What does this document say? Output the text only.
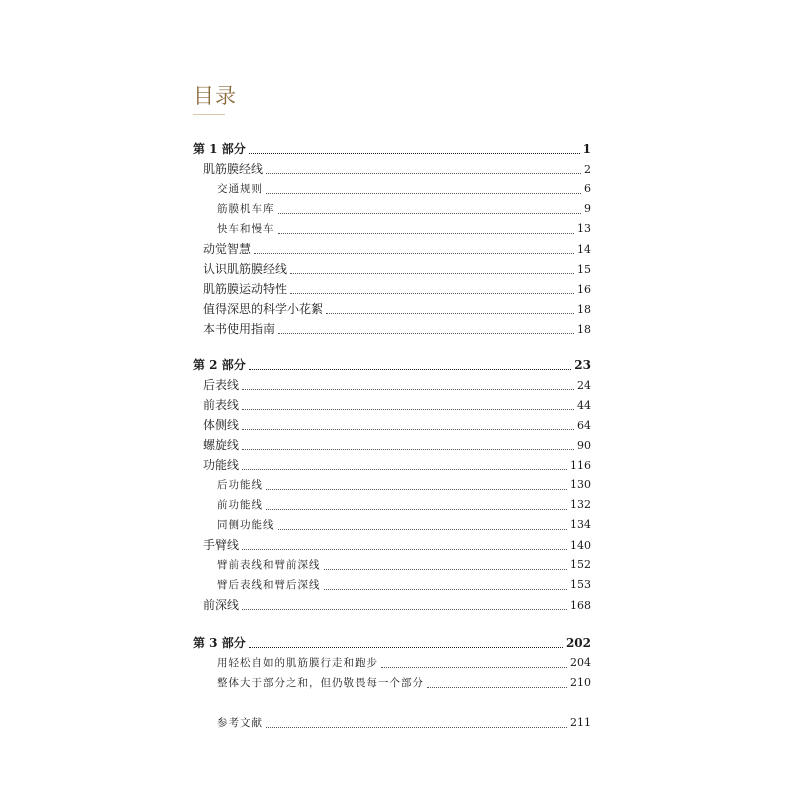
目录
第 1 部分	1
肌筋膜经线	2
交通规则	6
筋膜机车库	9
快车和慢车	13
动觉智慧	14
认识肌筋膜经线	15
肌筋膜运动特性	16
值得深思的科学小花絮	18
本书使用指南	18
第 2 部分	23
后表线	24
前表线	44
体侧线	64
螺旋线	90
功能线	116
后功能线	130
前功能线	132
同侧功能线	134
手臂线	140
臂前表线和臂前深线	152
臂后表线和臂后深线	153
前深线	168
第 3 部分	202
用轻松自如的肌筋膜行走和跑步	204
整体大于部分之和，但仍敬畏每一个部分	210
参考文献	211
